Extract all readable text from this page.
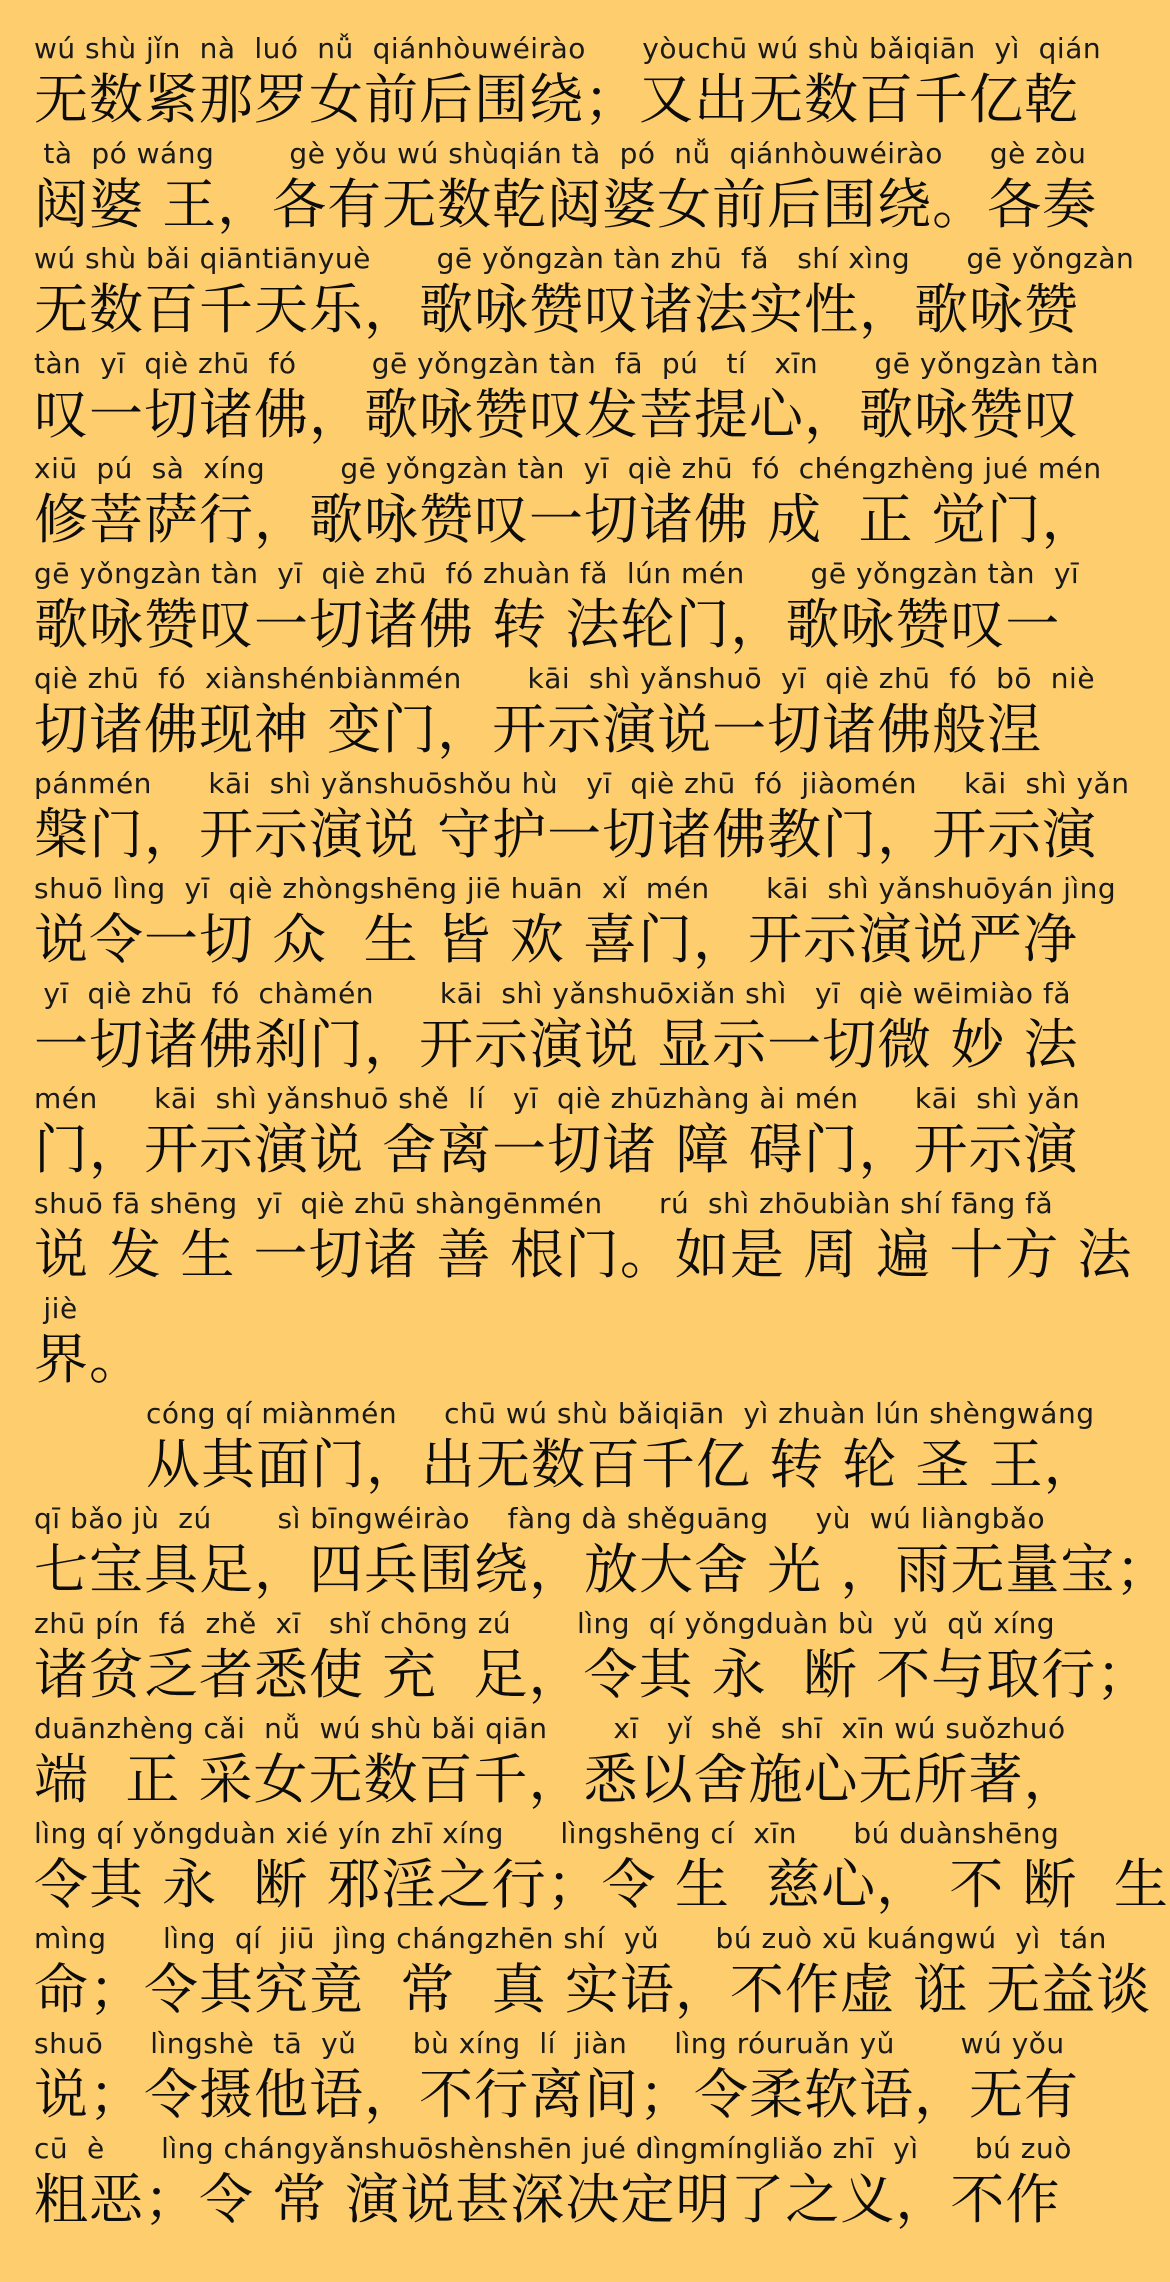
wú shù jǐn  nà  luó  nǚ  qiánhòuwéirào      yòuchū wú shù bǎiqiān  yì  qián
无数紧那罗女前后围绕；又出无数百千亿乾
tà  pó wáng        gè yǒu wú shùqián tà  pó  nǚ  qiánhòuwéirào     gè zòu
闼婆 王，各有无数乾闼婆女前后围绕。各奏
wú shù bǎi qiāntiānyuè       gē yǒngzàn tàn zhū  fǎ   shí xìng      gē yǒngzàn
无数百千天乐，歌咏赞叹诸法实性，歌咏赞
tàn  yī  qiè zhū  fó        gē yǒngzàn tàn  fā  pú   tí   xīn      gē yǒngzàn tàn
叹一切诸佛，歌咏赞叹发菩提心，歌咏赞叹
xiū  pú  sà  xíng        gē yǒngzàn tàn  yī  qiè zhū  fó  chéngzhèng jué mén
修菩萨行，歌咏赞叹一切诸佛 成  正 觉门，
gē yǒngzàn tàn  yī  qiè zhū  fó zhuàn fǎ  lún mén       gē yǒngzàn tàn  yī
歌咏赞叹一切诸佛 转 法轮门，歌咏赞叹一
qiè zhū  fó  xiànshénbiànmén       kāi  shì yǎnshuō  yī  qiè zhū  fó  bō  niè
切诸佛现神 变门，开示演说一切诸佛般涅
pánmén      kāi  shì yǎnshuōshǒu hù   yī  qiè zhū  fó  jiàomén     kāi  shì yǎn
槃门，开示演说 守护一切诸佛教门，开示演
shuō lìng  yī  qiè zhòngshēng jiē huān  xǐ  mén      kāi  shì yǎnshuōyán jìng
说令一切 众  生 皆 欢 喜门，开示演说严净
yī  qiè zhū  fó  chàmén       kāi  shì yǎnshuōxiǎn shì   yī  qiè wēimiào fǎ
一切诸佛刹门，开示演说 显示一切微 妙 法
mén      kāi  shì yǎnshuō shě  lí   yī  qiè zhūzhàng ài mén      kāi  shì yǎn
门，开示演说 舍离一切诸 障 碍门，开示演
shuō fā shēng  yī  qiè zhū shàngēnmén      rú  shì zhōubiàn shí fāng fǎ
说 发 生 一切诸 善 根门。如是 周 遍 十方 法
jiè
界。
cóng qí miànmén     chū wú shù bǎiqiān  yì zhuàn lún shèngwáng
从其面门，出无数百千亿 转 轮 圣 王，
qī bǎo jù  zú       sì bīngwéirào    fàng dà shěguāng     yù  wú liàngbǎo
七宝具足，四兵围绕，放大舍 光 ，雨无量宝；
zhū pín  fá  zhě  xī   shǐ chōng zú       lìng  qí yǒngduàn bù  yǔ  qǔ xíng
诸贫乏者悉使 充  足，令其 永  断 不与取行；
duānzhèng cǎi  nǚ  wú shù bǎi qiān       xī   yǐ  shě  shī  xīn wú suǒzhuó
端  正 采女无数百千，悉以舍施心无所著，
lìng qí yǒngduàn xié yín zhī xíng      lìngshēng cí  xīn      bú duànshēng
令其 永  断 邪淫之行；令 生  慈心， 不 断  生
mìng      lìng  qí  jiū  jìng chángzhēn shí  yǔ      bú zuò xū kuángwú  yì  tán
命；令其究竟  常  真 实语，不作虚 诳 无益谈
shuō     lìngshè  tā  yǔ      bù xíng  lí  jiàn     lìng róuruǎn yǔ       wú yǒu
说；令摄他语，不行离间；令柔软语，无有
cū  è      lìng chángyǎnshuōshènshēn jué dìngmíngliǎo zhī  yì      bú zuò
粗恶；令 常 演说甚深决定明了之义，不作
